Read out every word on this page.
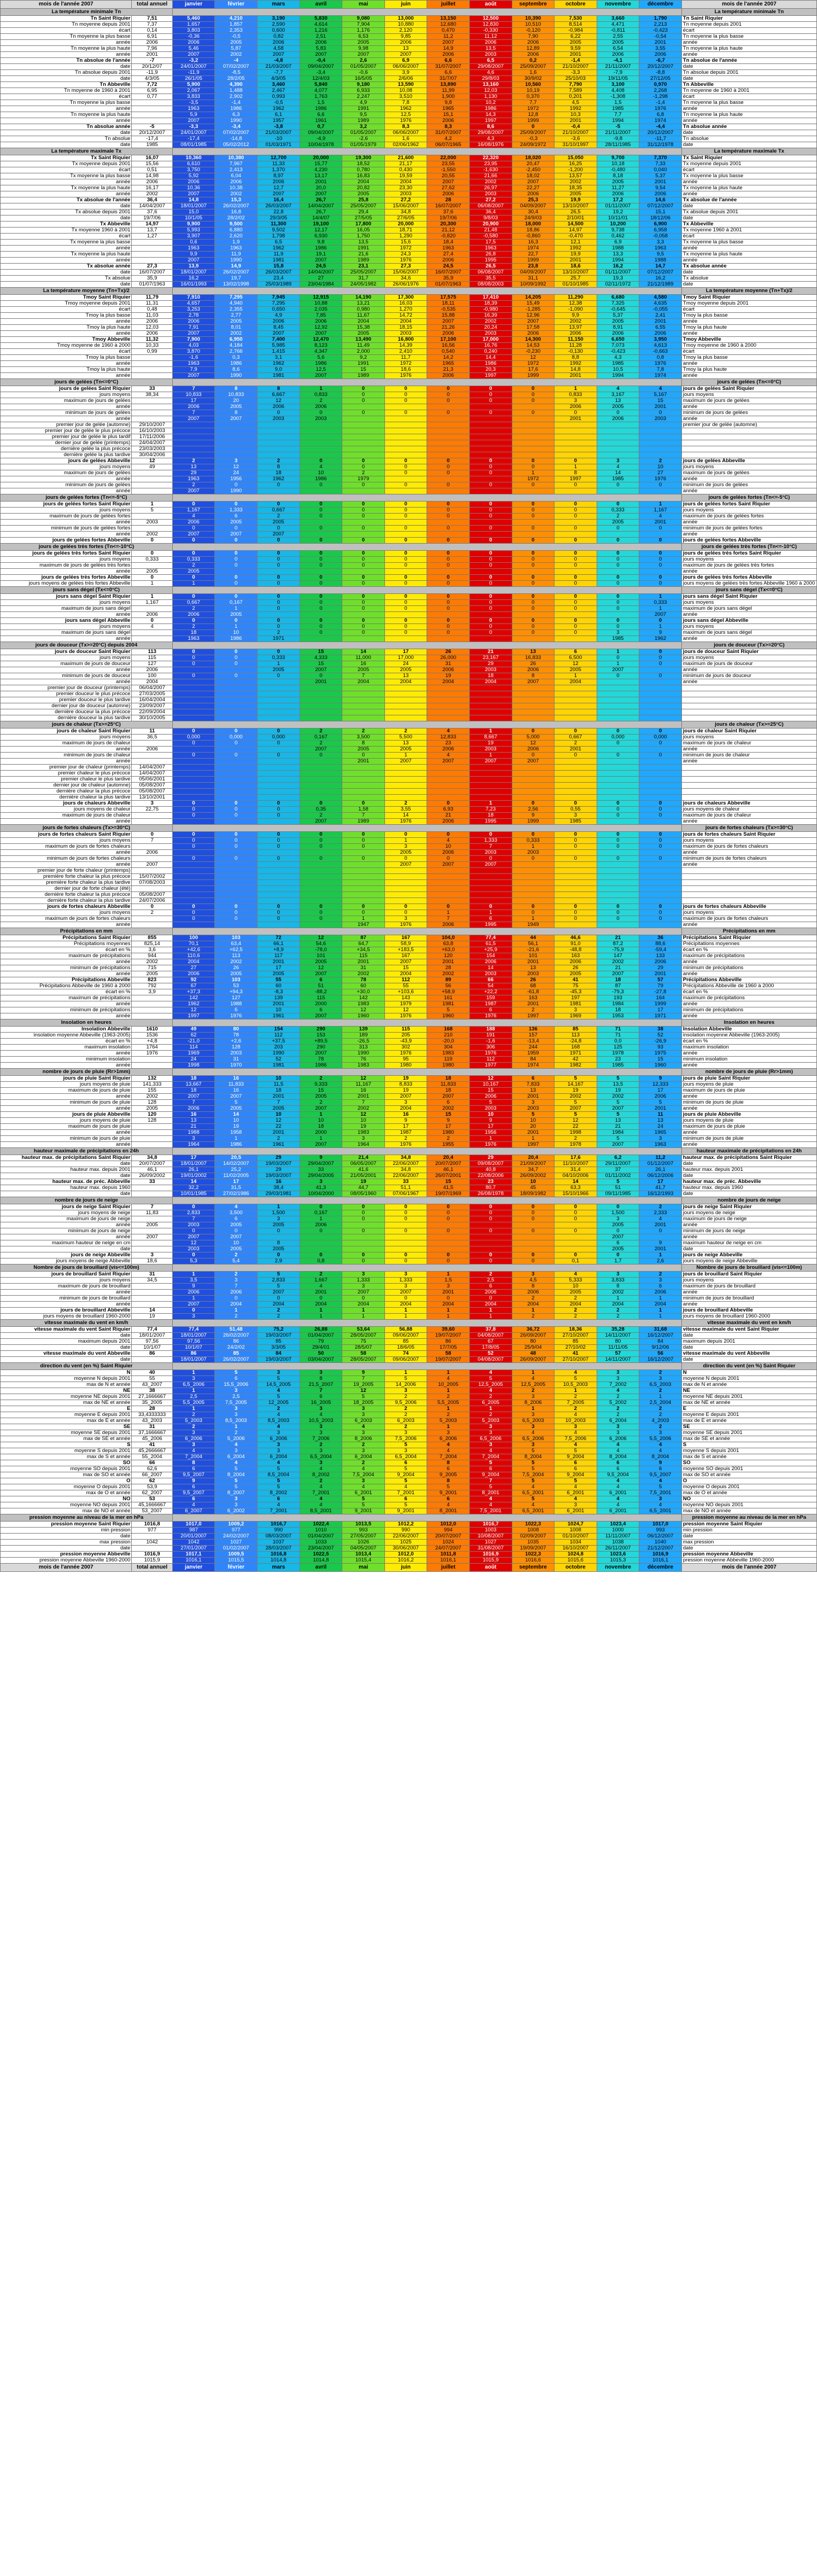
mois de l'année 2007	total annuel	janvier	février	mars	avril	mai	juin	juillet	août	septembre	octobre	novembre	décembre	mois de l'année 2007
La température minimale Tn														La température minimale Tn
Tn Saint Riquier	7,51	5,460	4,210	3,190	5,830	9,080	13,000	13,150	12,500	10,390	7,530	3,660	1,790	Tn Saint Riquier
Tn moyenne depuis 2001	7,37	1,657	1,857	2,590	4,614	7,904	10,880	12,680	12,830	10,510	8,514	4,471	2,213	Tn moyenne depuis 2001
écart	0,14	3,803	2,353	0,600	1,216	1,176	2,120	0,470	-0,330	-0,120	-0,984	-0,811	-0,423	écart
Tn moyenne la plus basse	6,91	-0,36	-0,5	0,82	2,51	6,53	9,85	11,2	11,12	7,90	6,22	2,55	-0,54	Tn moyenne la plus basse
année	2006	2006	2005	2006	2006	2005	2006	2007	2006	2006	2005	2005	2001	année
Tn moyenne la plus haute	7,96	5,46	5,87	4,58	5,83	9,98	13	14,9	13,5	12,89	9,59	6,54	3,55	Tn moyenne la plus haute
année	2001	2007	2002	2007	2007	2007	2007	2006	2003	2006	2001	2006	2006	année
Tn absolue de l'année	-7	-3,2	-4	-4,8	-0,4	2,6	6,9	6,6	6,5	0,2	-1,4	-4,1	-6,7	Tn absolue de l'année
date	20/12/07	24/01/2007	07/02/2007	21/03/2007	09/04/2007	01/05/2007	06/06/2007	31/07/2007	29/08/2007	25/09/2007	21/10/2007	21/11/2007	20/12/2007	date
Tn absolue depuis 2001	-11,9	-11,9	-8,5	-7,7	-3,4	-0,6	3,9	6,6	4,6	1,6	-3,3	-7,9	-8,8	Tn absolue depuis 2001
date	4/3/05	26/1/05	28/2/05	4/3/05	12/4/03	16/5/05	2/6/06	31/7/07	29/8/03	30/9/02	25/10/03	19/11/05	27/12/05	date
Tn Abbeville	7,72	5,900	4,390	3,460	5,840	9,180	13,590	13,890	13,160	10,560	7,790	3,100	0,970	Tn Abbeville
Tn moyenne de 1960 à 2001	6,95	2,067	1,488	2,467	4,077	6,933	10,08	11,99	12,03	10,19	7,589	4,408	2,268	Tn moyenne de 1960 à 2001
écart	0,77	3,833	2,902	0,993	1,763	2,247	3,510	1,900	1,130	0,370	0,201	-1,308	-1,298	écart
Tn moyenne la plus basse		-3,5	-1,4	-0,5	1,5	4,9	7,8	9,8	10,2	7,7	4,5	1,5	-1,4	Tn moyenne la plus basse
année		1963	1986	1962	1986	1991	1962	1965	1986	1972	1992	1985	1976	année
Tn moyenne la plus haute		5,9	6,3	6,1	6,6	9,5	12,5	15,1	14,3	12,8	10,3	7,7	6,8	Tn moyenne la plus haute
année		2007	1990	1957	1961	1989	1976	2006	1997	1999	2001	1994	1974	année
Tn absolue année	-5	-3,3	-3,4	-3,8	0,7	3,2	8,3	8,3	8,6	0	-0,4	-5	-4,4	Tn absolue année
date	20/12/2007	24/01/2007	07/02/2007	21/03/2007	09/04/2007	01/05/2007	06/06/2007	31/07/2007	29/08/2007	25/09/2007	21/10/2007	21/11/2007	20/12/2007	date
Tn absolue	-17,4	-17,4	-14,8	-10	-4,9	-2,6	1,6	4,2	4,3	-0,3	-3,6	-9,8	-11,7	Tn absolue
date	1985	08/01/1985	05/02/2012	01/03/1971	10/04/1978	01/05/1979	02/06/1962	06/07/1965	16/08/1976	24/09/1972	31/10/1997	28/11/1985	31/12/1978	date
La température maximale Tx														La température maximale Tx
Tx Saint Riquier	16,07	10,360	10,380	12,700	20,000	19,300	21,600	22,000	22,320	18,020	15,050	9,700	7,370	Tx Saint Riquier
Tx moyenne depuis 2001	15,56	6,610	7,967	11,33	15,77	18,52	21,17	23,55	23,95	20,47	16,25	10,18	7,33	Tx moyenne depuis 2001
écart	0,51	3,750	2,413	1,370	4,230	0,780	0,430	-1,550	-1,630	-2,450	-1,200	-0,480	0,040	écart
Tx moyenne la plus basse	14,98	5,92	6,04	8,97	13,17	16,83	19,59	20,55	21,66	18,02	13,57	8,18	5,37	Tx moyenne la plus basse
année	2006	2006	2006	2006	2001	2004	2004	2007	2002	2007	2002	2005	2001	année
Tx moyenne la plus haute	16,17	10,36	10,38	12,7	20,0	20,82	23,30	27,62	26,97	22,27	18,35	11,27	9,54	Tx moyenne la plus haute
année	2002	2007	2002	2007	2007	2005	2003	2006	2003	2006	2005	2006	2006	année
Tx absolue de l'année	36,4	14,8	15,3	16,4	26,7	25,8	27,2	28	27,2	25,3	19,9	17,2	14,6	Tx absolue de l'année
date	14/04/2007	18/01/2007	26/02/2007	26/03/2007	14/04/2007	25/05/2007	15/06/2007	16/07/2007	06/08/2007	04/09/2007	13/10/2007	01/11/2007	07/12/2007	date
Tx absolue depuis 2001	37,6	15,0	16,8	22,8	26,7	29,4	34,8	37,6	36,4	30,4	26,5	19,2	15,1	Tx absolue depuis 2001
date	19/7/06	10/1/05	28/2/02	29/3/05	14/4/07	27/5/05	27/6/05	19/7/06	9/8/03	24/9/03	2/10/01	10/11/01	18/12/06	date
Tx Abbeville	14,97	9,900	9,500	11,300	19,100	17,800	20,000	20,300	20,900	18,000	14,500	10,200	6,900	Tx Abbeville
Tx moyenne 1960 à 2001	13,7	5,993	6,880	9,502	12,17	16,05	18,71	21,12	21,48	18,86	14,97	9,738	6,958	Tx moyenne 1960 à 2001
écart	1,27	3,907	2,620	1,798	6,930	1,750	1,290	-0,820	-0,580	-0,860	-0,470	0,462	-0,058	écart
Tx moyenne la plus basse		0,6	1,9	6,5	9,8	13,5	15,6	18,4	17,5	16,3	12,1	6,9	3,3	Tx moyenne la plus basse
année		1963	1963	1962	1986	1991	1972	1963	1963	1974	1992	1988	1963	année
Tx moyenne la plus haute		9,9	11,9	11,9	19,1	21,6	24,3	27,4	26,8	22,7	19,9	13,3	9,5	Tx moyenne la plus haute
année		2007	1990	1981	2007	1989	1976	2006	1995	1999	2001	1994	1988	année
Tx absolue année	27,3	13,9	14,9	15,8	24,5	23,1	27,3	24,5	26,5	23,8	18,6	16,2	14,7	Tx absolue année
date	16/07/2007	18/01/2007	26/02/2007	26/03/2007	14/04/2007	25/05/2007	15/06/2007	16/07/2007	06/08/2007	04/09/2007	13/10/2007	01/11/2007	07/12/2007	date
Tx absolue	35,9	16,2	19,7	23,4	27	31,7	34,6	35,9	35,5	31,1	25,7	19,3	16,2	Tx absolue
date	01/07/1963	16/01/1993	13/02/1998	25/03/1989	23/04/1984	24/05/1982	26/06/1976	01/07/1963	08/08/2003	10/09/1992	01/10/1985	02/11/1972	21/12/1989	date
La température moyenne (Tn+Tx)/2														La température moyenne (Tn+Tx)/2
Tmoy Saint Riquier	11,79	7,910	7,295	7,945	12,915	14,190	17,300	17,575	17,410	14,205	11,290	6,680	4,580	Tmoy Saint Riquier
Tmoy moyenne depuis 2001	11,31	4,657	4,940	7,295	10,88	13,21	16,03	18,11	18,39	15,49	12,38	7,325	4,635	Tmoy moyenne depuis 2001
écart	0,48	3,253	2,355	0,650	2,035	0,980	1,270	-0,535	-0,980	-1,285	-1,090	-0,645	-0,055	écart
Tmoy la plus basse	11,03	2,78	2,77	4,9	7,85	11,67	14,72	15,88	16,39	12,96	9,9	5,37	2,41	Tmoy la plus basse
année	2006	2006	2005	2006	2006	2004	2004	2007	2002	2007	2002	2005	2001	année
Tmoy la plus haute	12,03	7,91	8,01	8,45	12,92	15,38	18,15	21,26	20,24	17,58	13,97	8,91	6,55	Tmoy la plus haute
année	2006	2007	2002	2007	2007	2005	2003	2006	2003	2006	2006	2006	2006	année
Tmoy Abbeville	11,32	7,900	6,950	7,400	12,470	13,490	16,800	17,100	17,000	14,300	11,150	6,650	3,950	Tmoy Abbeville
Tmoy moyenne de 1960 à 2000	10,33	4,03	4,184	5,985	8,123	11,49	14,39	16,56	16,76	14,53	11,28	7,073	4,613	Tmoy moyenne de 1960 à 2000
écart	0,99	3,870	2,766	1,415	4,347	2,000	2,410	0,540	0,240	-0,230	-0,130	-0,423	-0,663	écart
Tmoy la plus basse		-1,6	0,3	3,1	5,6	9,2	11,7	14,2	14,4	12	8,8	4,3	0,8	Tmoy la plus basse
année		1963	1986	1962	1986	1991	1972	1965	1986	1972	1992	1985	1976	année
Tmoy la plus haute		7,9	8,6	9,0	12,5	15	18,6	21,3	20,3	17,6	14,8	10,5	7,8	Tmoy la plus haute
année		2007	1990	1981	2007	1989	1976	2006	1997	1999	2001	1994	1974	année
jours de gelées (Tn<=0°C)														jours de gelées (Tn<=0°C)
jours de gelées Saint Riquier	33	7	8	8	1	0	0	0	0	0	1	4	4	jours de gelées Saint Riquier
jours moyens	38,34	10,833	10,833	6,667	0,833	0	0	0	0	0	0,833	3,167	5,167	jours moyens
maximum de jours de gelées		17	20	12	2	0	0	0	0	0	3	13	15	maximum de jours de gelées
année		2006	2005	2006	2006						2006	2005	2001	année
minimum de jours de gelées		7	8	0	0	0	0	0	0	0	0	0	0	minimum de jours de gelées
année		2007	2007	2003	2003						2001	2006	2003	année
premier jour de gelée (automne)	29/10/2007													premier jour de gelée (automne)
premier jour de gelée le plus précoce	16/10/2003													
premier jour de gelée le plus tardif	17/11/2006													
dernier jour de gelée (printemps)	24/04/2007													
dernière gelée la plus précoce	23/03/2003													
dernière gelée la plus tardive	30/04/2006													
jours de gelées Abbeville	12	2	3	2	0	0	0	0	0	0	0	3	2	jours de gelées Abbeville
jours moyens	49	13	12	8	4	0	0	0	0	0	1	4	10	jours moyens
maximum de jours de gelées		29	24	18	10	2	0	0	0	1	8	14	27	maximum de jours de gelées
année		1963	1956	1962	1986	1979				1972	1997	1985	1976	année
minimum de jours de gelées		2	0	0	0	0	0	0	0	0	0	0	0	minimum de jours de gelées
année		2007	1990											année
jours de gelées fortes (Tn<=-5°C)														jours de gelées fortes (Tn<=-5°C)
jours de gelées fortes Saint Riquier	1	0	0	0	0	0	0	0	0	0	0	0	1	jours de gelées fortes Saint Riquier
jours moyens	5	1,167	1,333	0,667	0	0	0	0	0	0	0	0,333	1,167	jours moyens
maximum de jours de gelées fortes		4	6	2	0	0	0	0	0	0	0	2	4	maximum de jours de gelées fortes
année	2003	2006	2005	2005								2005	2001	année
minimum de jours de gelées fortes		0	0	0	0	0	0	0	0	0	0	0	0	minimum de jours de gelées fortes
année	2002	2007	2007	2007										année
jours de gelées fortes Abbeville	0	0	0	0	0	0	0	0	0	0	0	0	0	jours de gelées fortes Abbeville
jours de gelées très fortes (Tn<=-10°C)														jours de gelées très fortes (Tn<=-10°C)
jours de gelées très fortes Saint Riquier	0	0	0	0	0	0	0	0	0	0	0	0	0	jours de gelées très fortes Saint Riquier
jours moyens	0,333	0,333	0	0	0	0	0	0	0	0	0	0	0	jours moyens
maximum de jours de gelées très fortes		2	0	0	0	0	0	0	0	0	0	0	0	maximum de jours de gelées très fortes
année	2005	2005												année
jours de gelées très fortes Abbeville	0	0	0	0	0	0	0	0	0	0	0	0	0	jours de gelées très fortes Abbeville
jours moyens de gelées très fortes Abbeville	1	1	0	0	0	0	0	0	0	0	0	0	0	jours moyens de gelées très fortes Abbeville 1960 à 2000
jours sans dégel (Tx<=0°C)														jours sans dégel (Tx<=0°C)
jours sans dégel Saint Riquier	1	0	0	0	0	0	0	0	0	0	0	0	1	jours sans dégel Saint Riquier
jours moyens	1,167	0,667	0,167	0	0	0	0	0	0	0	0	0	0,333	jours moyens
maximum de jours sans dégel		2	1	0	0	0	0	0	0	0	0	0	1	maximum de jours sans dégel
année	2006	2006	2005										2007	année
jours sans dégel Abbeville	0	0	0	0	0	0	0	0	0	0	0	0	0	jours sans dégel Abbeville
jours moyens	4	2	1	0	0	0	0	0	0	0	0	0	1	jours moyens
maximum de jours sans dégel		18	10	2	0	0	0	0	0	0	0	3	9	maximum de jours sans dégel
année		1963	1986	1971								1985	1962	année
jours de douceur (Tx>=20°C) depuis 2004														jours de douceur (Tx>=20°C)
jours de douceur Saint Riquier	113	0	0	0	15	14	17	26	21	13	6	1	0	jours de douceur Saint Riquier
jours moyens	115	0	0	0,333	4,333	11,000	17,000	26,000	23,167	16,833	6,500	0	0	jours moyens
maximum de jours de douceur	127	0	0	1	15	16	24	31	29	26	12	1	0	maximum de jours de douceur
année	2006			2005	2007	2005	2005	2006	2003	2006	2005	2007		année
minimum de jours de douceur	100	0	0	0	0	7	13	19	18	8	1	0	0	minimum de jours de douceur
année	2004				2001	2004	2004	2004	2004	2007	2004			année
premier jour de douceur (printemps)	06/04/2007													
premier douceur le plus précoce	27/03/2005													
premier douceur le plus tardive	16/04/2004													
dernier jour de douceur (automne)	23/09/2007													
dernière douceur la plus précoce	22/09/2004													
dernière douceur la plus tardive	30/10/2005													
jours de chaleur (Tx>=25°C)														jours de chaleur (Tx>=25°C)
jours de chaleur Saint Riquier	11	0	0	0	2	2	2	4	1	0	0	0	0	jours de chaleur Saint Riquier
jours moyens	36,5	0,000	0,000	0,000	0,167	3,500	5,500	12,833	8,667	5,000	0,667	0,000	0,000	jours moyens
maximum de jours de chaleur		0	0	0	2	8	13	23	19	12	2	0	0	maximum de jours de chaleur
année	2006				2007	2005	2005	2006	2003	2006	2001			année
minimum de jours de chaleur		0	0	0	0	0	1	4	1	0	0	0	0	minimum de jours de chaleur
année						2001	2007	2007	2007	2007				année
premier jour de chaleur (printemps)	14/04/2007													
premier chaleur le plus précoce	14/04/2007													
premier chaleur le plus tardive	05/06/2001													
dernier jour de chaleur (automne)	05/08/2007													
dernière chaleur la plus précoce	05/08/2007													
dernière chaleur la plus tardive	13/10/2001													
jours de chaleurs Abbeville	3	0	0	0	0	0	2	0	1	0	0	0	0	jours de chaleurs Abbeville
jours moyens de chaleur	22,75	0	0	0	0,35	1,58	3,55	6,93	7,23	2,56	0,55	0	0	jours moyens de chaleur
maximum de jours de chaleur		0	0	0	2	7	14	21	18	9	3	0	0	maximum de jours de chaleur
année					2007	1989	1976	2006	1995	1999	1985			année
jours de fortes chaleurs (Tx>=30°C)														jours de fortes chaleurs (Tx>=30°C)
jours de fortes chaleurs Saint Riquier	0	0	0	0	0	0	0	0	0	0	0	0	0	jours de fortes chaleurs Saint Riquier
jours moyens	7	0	0	0	0	0	1	4	1,333	0,333	0	0	0	jours moyens
maximum de jours de fortes chaleurs		0	0	0	0	0	3	10	7	1	0	0	0	maximum de jours de fortes chaleurs
année	2006						2005	2006	2003	2003				année
minimum de jours de fortes chaleurs		0	0	0	0	0	0	0	0	0	0	0	0	minimum de jours de fortes chaleurs
année	2007						2007	2007	2007					année
premier jour de forte chaleur (printemps)														
première forte chaleur la plus précoce	15/07/2002													
première forte chaleur la plus tardive	07/08/2003													
dernier jour de forte chaleur (été)														
dernière forte chaleur la plus précoce	05/08/2007													
dernière forte chaleur la plus tardive	24/07/2006													
jours de fortes chaleurs Abbeville	0	0	0	0	0	0	0	0	0	0	0	0	0	jours de fortes chaleurs Abbeville
jours moyens	2	0	0	0	0	0	0	1	1	0	0	0	0	jours moyens
maximum de jours de fortes chaleurs		0	0	0	0	1	3	7	6	1	0	0	0	maximum de jours de fortes chaleurs
année						1947	1976	2006	1995	1949				année
Précipitations en mm														Précipitations en mm
Précipitations Saint Riquier	855	100	103	72	12	87	167	104,0	77,4	44	46,6	21	36	Précipitations Saint Riquier
Précipitations moyennes	825,14	70,1	63,4	66,1	54,6	64,7	58,9	63,8	61,5	56,1	91,0	87,2	88,6	Précipitations moyennes
écart en %	3,6	+42,6	+62,5	+8,9	-78,0	+34,5	+183,5	+63,0	+25,9	-21,6	-48,8	-75,9	-59,4	écart en %
maximum de précipitations	944	110,6	113	117	101	115	167	120	154	101	163	147	133	maximum de précipitations
année	2002	2004	2002	2001	2005	2001	2007	2001	2006	2001	2006	2002	2006	année
minimum de précipitations	715	27	26	17	12	31	15	28	14	13	26	21	29	minimum de précipitations
année	2005	2006	2005	2005	2007	2002	2004	2002	2003	2003	2005	2007	2001	année
Précipitations Abbeville	823	92	103	55	6	78	112	89	66	26	41	18	57	Précipitations Abbeville
Précipitations Abbeville de 1960 à 2000	792	67	53	60	51	60	55	56	54	68	75	87	79	Précipitations Abbeville de 1960 à 2000
écart en %	3,9	+37,3	+94,3	-8,3	-88,2	+30,0	+103,6	+58,9	+22,2	-61,8	-45,3	-79,3	-27,8	écart en %
maximum de précipitations		142	127	139	115	142	143	161	159	163	197	193	164	maximum de précipitations
année		1962	1988	2001	2000	1983	1979	1981	1987	2001	1981	1984	1999	année
minimum de précipitations		12	6	10	6	12	12	5	6	2	3	18	17	minimum de précipitations
année		1997	1976	1961	2007	1960	1976	1960	1976	1997	1969	1953	1971	année
Insolation en heures														Insolation en heures
Insolation Abbeville	1610	49	80	154	290	139	115	168	188	136	85	71	38	Insolation Abbeville
insolation moyenne Abbeville (1963-2005)	1536	62	78	112	153	189	205	210	191	157	113	71	52	insolation moyenne Abbeville (1963-2005)
écart en %	+4,8	-21,0	+2,6	+37,5	+89,5	-26,5	-43,9	-20,0	-1,6	-13,4	-24,8	0,0	-26,9	écart en %
maximum insolation	1764	114	128	203	290	313	302	304	306	244	168	125	93	maximum insolation
année	1976	1969	2003	1990	2007	1990	1976	1983	1976	1959	1971	1978	1975	année
minimum insolation		24	31	52	78	76	95	119	112	84	42	23	15	minimum insolation
année		1998	1970	1981	1986	1983	1980	1980	1977	1974	1982	1985	1960	année
nombre de jours de pluie (Rr>1mm)														nombre de jours de pluie (Rr>1mm)
jours de pluie Saint Riquier	132	18	16	10	2	12	19	18	12	6	5	5	9	jours de pluie Saint Riquier
jours moyens de pluie	141,333	13,667	11,833	11,5	9,333	11,167	8,833	11,833	10,167	7,833	14,167	13,5	12,333	jours moyens de pluie
maximum de jours de pluie	155	18	16	18	15	16	19	18	15	13	19	19	17	maximum de jours de pluie
année	2002	2007	2007	2001	2005	2001	2007	2007	2006	2001	2002	2002	2006	année
minimum de jours de pluie	128	7	5	7	2	7	3	6	5	3	5	5	5	minimum de jours de pluie
année	2005	2006	2005	2005	2007	2002	2004	2002	2003	2003	2007	2007	2001	année
jours de pluie Abbeville	120	16	14	10	1	12	16	15	10	5	5	5	11	jours de pluie Abbeville
jours moyens de pluie	128	13	10	12	10	10	9	9	9	10	12	13	13	jours moyens de pluie
maximum de jours de pluie		21	19	22	18	19	17	17	17	20	22	21	24	maximum de jours de pluie
année		1988	1958	2001	2000	1983	1987	1980	1956	2001	1998	1984	1965	année
minimum de jours de pluie		3	1	2	1	3	2	2	1	1	2	5	3	minimum de jours de pluie
année		1964	1986	1961	2007	1964	1976	1955	1976	1997	1978	2007	1963	année
hauteur maximale de précipitations en 24h														hauteur maximale de précipitations en 24h
hauteur max. de précipitations Saint Riquier	34,8	17	20,5	29	9	21,4	34,8	20,4	29	20,4	17,6	6,2	11,2	hauteur max. de précipitations Saint Riquier
date	20/07/2007	18/01/2007	14/02/2007	19/03/2007	29/04/2007	06/05/2007	22/06/2007	20/07/2007	09/08/2007	21/09/2007	11/10/2007	29/11/2007	01/12/2007	date
hauteur max. depuis 2001	46,1	26,1	25,2	29	33	41,6	34,8	46,1	40,8	34,7	31,4	37	26,1	hauteur max. depuis 2001
date	26/09/2002	19/01/2002	11/02/2005	19/03/2007	29/04/2005	21/05/2001	22/06/2007	26/07/2001	22/08/2006	26/09/2002	04/10/2006	01/11/2002	06/12/2006	date
hauteur max. de préc. Abbeville	33	14	17	16	3	19	33	15	23	10	14	5	17	hauteur max. de préc. Abbeville
hauteur max. depuis 1960		32,2	31,5	38,4	41,3	44,7	51,1	41,5	80,7	45	63,3	51	41,7	hauteur max. depuis 1960
date		10/01/1985	27/02/1986	29/03/1981	10/04/2000	08/05/1960	07/06/1967	19/07/1969	26/08/1978	18/09/1982	15/10/1966	09/11/1985	16/12/1993	date
nombre de jours de neige														nombre de jours de neige
jours de neige Saint Riquier	7	0	4	1	0	0	0	0	0	0	0	0	2	jours de neige Saint Riquier
jours moyens de neige	11,83	2,833	3,500	1,500	0,167	0	0	0	0	0	0	1,500	2,333	jours moyens de neige
maximum de jours de neige		7	6	3	1	0	0	0	0	0	0	3	4	maximum de jours de neige
année	2005	2003	2005	2005	2006							2005	2001	année
minimum de jours de neige		0	0	0	0	0	0	0	0	0	0	0	0	minimum de jours de neige
année	2007	2007	2007									2007		année
maximum hauteur de neige en cm		12	10	8								6	9	maximum hauteur de neige en cm
date		2003	2005	2005								2005	2001	date
jours de neige Abbeville	3	0	2	0	0	0	0	0	0	0	0	0	1	jours de neige Abbeville
jours moyens de neige Abbeville	18,6	5,3	5,4	2,9	0,8	0	0	0	0	0	0,1	1,7	2,6	jours moyens de neige Abbeville
Nombre de jours de brouillard (vis<=100m)														Nombre de jours de brouillard (vis<=100m)
jours de brouillard Saint Riquier	31	1	2	5	2	3	3	1	2	3	4	3	2	jours de brouillard Saint Riquier
jours moyens	34,5	3,5	3	2,833	1,667	1,333	1,333	1,5	2,5	4,5	5,333	3,833	3	jours moyens
maximum de jours de brouillard		9	7	5	4	3	3	3	6	8	10	8	6	maximum de jours de brouillard
année		2006	2006	2007	2001	2007	2007	2001	2006	2006	2005	2002	2006	année
minimum de jours de brouillard		1	0	0	0	0	0	0	0	2	2	1	1	minimum de jours de brouillard
année		2007	2004	2004	2004	2004	2004	2004	2004	2004	2004	2004	2004	année
jours de brouillard Abbeville	14	0	1	2	1	1	1	1	1	1	2	2	1	jours de brouillard Abbeville
jours moyens de brouillard 1960-2000	19	3	2	2	1	1	1	1	1	2	2	2	1	jours moyens de brouillard 1960-2000
vitesse maximale du vent en km/h														vitesse maximale du vent en km/h
vitesse maximale du vent Saint Riquier	77,4	77,4	51,48	75,2	26,88	53,64	56,88	39,60	37,8	36,72	18,36	35,28	31,68	vitesse maximale du vent Saint Riquier
date	18/01/2007	18/01/2007	26/02/2007	19/03/2007	01/04/2007	28/05/2007	09/06/2007	19/07/2007	04/08/2007	26/09/2007	27/10/2007	14/11/2007	16/12/2007	date
maximum depuis 2001	97,56	97,56	86	85	79	75	85	86	67	80	85	80	84	maximum depuis 2001
date	10/1/07	10/1/07	24/2/02	3/3/05	29/4/01	28/5/07	18/6/05	17/7/05	17/8/05	25/9/04	27/10/02	11/11/05	9/12/06	date
vitesse maximale du vent Abbeville	86	86	85	84	50	58	74	58	52	48	41	57	56	vitesse maximale du vent Abbeville
date		18/01/2007	26/02/2007	19/03/2007	03/04/2007	28/05/2007	09/06/2007	19/07/2007	04/08/2007	26/09/2007	27/10/2007	14/11/2007	16/12/2007	date
direction du vent (en %) Saint Riquier														direction du vent (en %) Saint Riquier
N	40	1	5	3	3	9	1	1	4	1	4	3	2	N
moyenne N depuis 2001	55	3	6	5	8	7	5	4	5	4	5	3	3	moyenne N depuis 2001
max de N et année	43_2007	6,5_2006	15,5_2006	14,5_2005	21,5_2007	19_2005	14_2006	10_2005	12,5_2005	12,5_2005	10,5_2003	7_2002	6,5_2003	max de N et année
NE	38	1	3	4	7	12	3	1	4	2	1	4	2	NE
moyenne NE depuis 2001	27,1666667	2,5	2,5	5	6	5	2	2	2	3	2	2	1	moyenne NE depuis 2001
max de NE et année	35_2005	5,5_2005	7,5_2005	12_2005	16_2005	18_2005	9,5_2006	5,5_2005	6_2005	8_2006	7_2005	5_2002	2,5_2004	max de NE et année
E	28	1	3	2	3	3	2	1	1	1	2	2	2	E
moyenne E depuis 2001	33,4333333	2	3	4	4	3	2	2	2	3	4	2	2	moyenne E depuis 2001
max de E et année	43_2003	5_2003	8,5_2003	8,5_2003	10,5_2003	6_2003	6_2003	5_2003	5_2003	6,5_2003	10_2003	6_2004	4_2003	max de E et année
SE	31	2	1	4	3	4	2	1	3	3	3	3	2	SE
moyenne SE depuis 2001	37,1666667	3	2	3	3	3	3	3	3	4	4	3	3	moyenne SE depuis 2001
max de SE et année	45_2006	6_2006	5_2006	6_2006	7_2006	8_2006	7,5_2006	6_2006	6,5_2006	6,5_2006	7,5_2006	6_2006	5,5_2006	max de SE et année
S	41	3	4	3	2	2	5	4	3	3	4	4	4	S
moyenne S depuis 2001	45,2666667	4	3	3	3	3	3	4	4	5	5	4	4	moyenne S depuis 2001
max de S et année	55_2004	7_2004	6_2004	6_2004	6,5_2004	6_2004	6,5_2004	7_2004	7_2004	8_2004	9_2004	8_2004	8_2004	max de S et année
SO	66	8	4	4	3	2	6	8	5	5	6	6	9	SO
moyenne SO depuis 2001	62,6	6	5	5	4	4	5	6	6	5	6	6	6	moyenne SO depuis 2001
max de SO et année	66_2007	9,5_2007	8_2004	8,5_2004	8_2002	7,5_2004	9_2004	9_2005	9_2004	7,5_2004	9_2004	9,5_2004	9,5_2007	max de SO et année
O	62	9	5	5	2	3	5	8	7	5	5	4	4	O
moyenne O depuis 2001	53,9	6	5	5	4	4	4	5	5	4	4	4	5	moyenne O depuis 2001
max de O et année	62_2007	9,5_2007	8_2007	8_2002	7_2001	6_2001	7_2001	9_2001	8_2001	6,5_2001	6_2001	6_2001	7,5_2001	max de O et année
NO	53	6	3	6	4	5	6	6	4	5	4	4	3	NO
moyenne NO depuis 2001	45,1666667	4	3	4	4	5	5	4	4	4	3	4	4	moyenne NO depuis 2001
max de NO et année	53_2007	6_2007	6_2002	7_2001	8,5_2001	9_2001	9_2001	8_2001	7,5_2001	6,5_2001	6_2001	6_2001	6,5_2001	max de NO et année
pression moyenne au niveau de la mer en hPa														pression moyenne au niveau de la mer en hPa
pression moyenne Saint Riquier	1016,8	1017,0	1009,2	1016,7	1022,4	1013,5	1012,2	1012,0	1016,7	1022,3	1024,7	1023,4	1017,0	pression moyenne Saint Riquier
min pression	977	987	977	990	1010	993	990	994	1003	1008	1008	1000	993	min pression
date		20/01/2007	24/02/2007	08/03/2007	01/04/2007	27/05/2007	22/06/2007	20/07/2007	10/08/2007	02/09/2007	01/10/2007	11/11/2007	06/12/2007	date
max pression	1042	1042	1027	1037	1033	1026	1025	1024	1027	1035	1034	1038	1040	max pression
date		27/01/2007	01/02/2007	28/03/2007	23/04/2007	04/05/2007	30/06/2007	24/07/2007	31/08/2007	19/09/2007	16/10/2007	26/11/2007	21/12/2007	date
pression moyenne Abbeville	1016,9	1017,1	1009,5	1016,8	1022,5	1013,4	1012,0	1011,8	1016,9	1022,3	1024,8	1023,6	1016,9	pression moyenne Abbeville
pression moyenne Abbeville 1960-2000	1015,9	1016,1	1015,5	1014,8	1014,8	1015,4	1016,2	1016,1	1015,9	1016,6	1015,6	1015,3	1016,1	pression moyenne Abbeville 1960-2000
mois de l'année 2007	total annuel	janvier	février	mars	avril	mai	juin	juillet	août	septembre	octobre	novembre	décembre	mois de l'année 2007
